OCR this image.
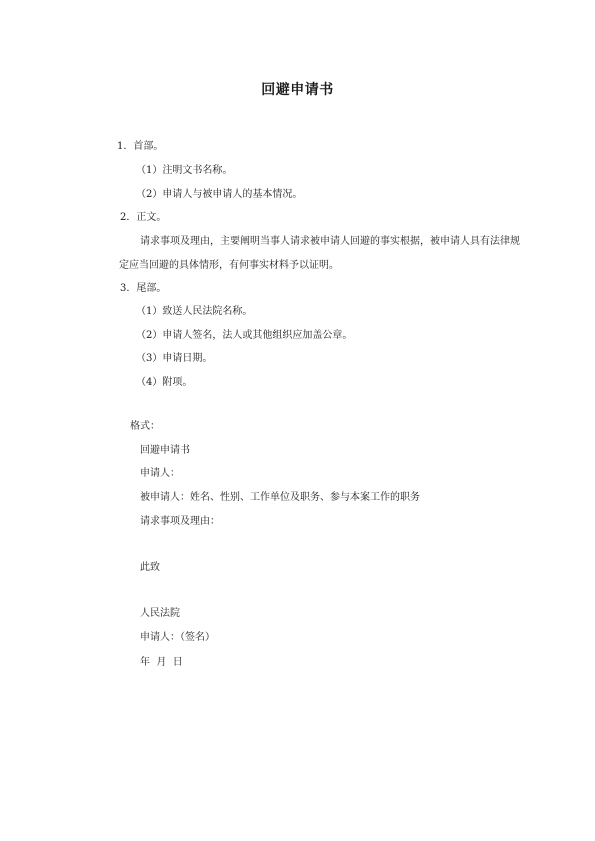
回避申请书
1．首部。
（1）注明文书名称。
（2）申请人与被申请人的基本情况。
2．正文。
请求事项及理由，主要阐明当事人请求被申请人回避的事实根据，被申请人具有法律规
定应当回避的具体情形，有何事实材料予以证明。
3．尾部。
（1）致送人民法院名称。
（2）申请人签名，法人或其他组织应加盖公章。
（3）申请日期。
（4）附项。
格式：
回避申请书
申请人：
被申请人：姓名、性别、工作单位及职务、参与本案工作的职务
请求事项及理由：
此致
人民法院
申请人：（签名）
年  月  日
